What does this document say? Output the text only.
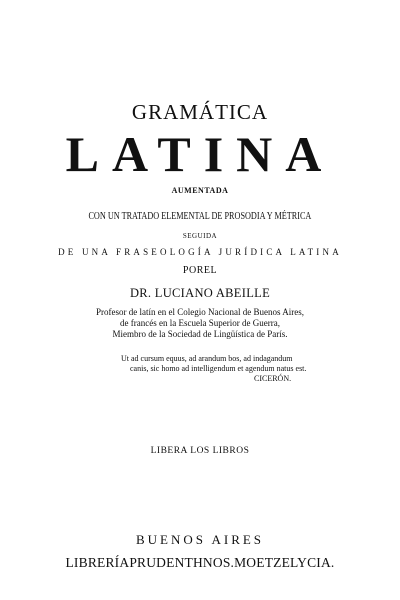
GRAMÁTICA
LATINA
AUMENTADA
CON UN TRATADO ELEMENTAL DE PROSODIA Y MÉTRICA
SEGUIDA
DE UNA FRASEOLOGÍA JURÍDICA LATINA
POREL
DR. LUCIANO ABEILLE
Profesor de latín en el Colegio Nacional de Buenos Aires,
de francés en la Escuela Superior de Guerra,
Miembro de la Sociedad de Lingüística de París.
Ut ad cursum equus, ad arandum bos, ad indagandum
canis, sic homo ad intelligendum et agendum natus est.
CICERÓN.
LIBERA LOS LIBROS
BUENOS AIRES
LIBRERÍAPRUDENTHNOS.MOETZELYCIA.
